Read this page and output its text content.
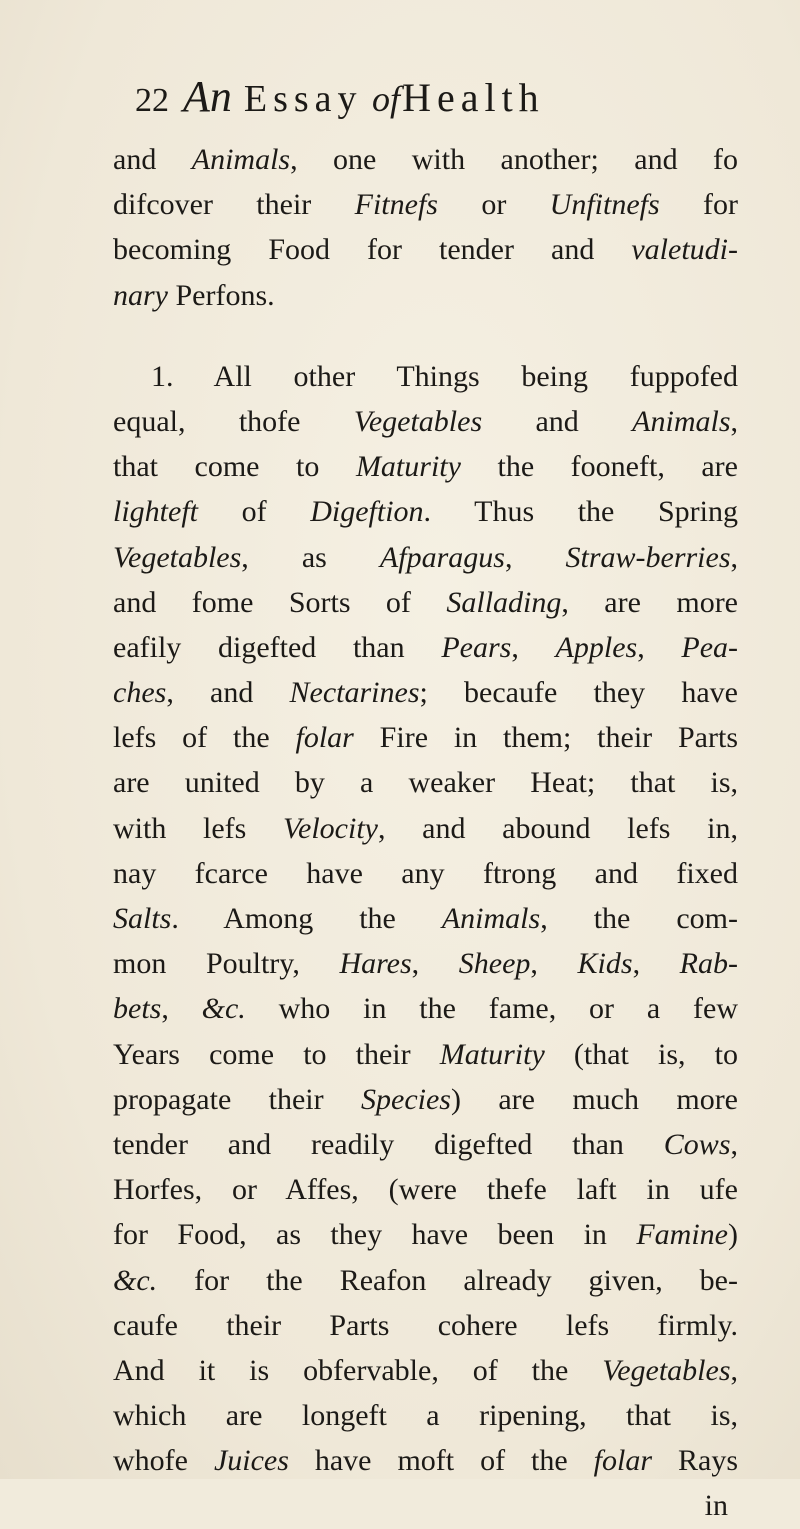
22 An Essay ofHealth
and Animals, one with another; and fo
difcover their Fitnefs or Unfitnefs for
becoming Food for tender and valetudi-
nary Perfons.
1. All other Things being fuppofed
equal, thofe Vegetables and Animals,
that come to Maturity the fooneft, are
lighteft of Digeftion. Thus the Spring
Vegetables, as Afparagus, Straw-berries,
and fome Sorts of Sallading, are more
eafily digefted than Pears, Apples, Pea-
ches, and Nectarines; becaufe they have
lefs of the folar Fire in them; their Parts
are united by a weaker Heat; that is,
with lefs Velocity, and abound lefs in,
nay fcarce have any ftrong and fixed
Salts. Among the Animals, the com-
mon Poultry, Hares, Sheep, Kids, Rab-
bets, &c. who in the fame, or a few
Years come to their Maturity (that is, to
propagate their Species) are much more
tender and readily digefted than Cows,
Horfes, or Affes, (were thefe laft in ufe
for Food, as they have been in Famine)
&c. for the Reafon already given, be-
caufe their Parts cohere lefs firmly.
And it is obfervable, of the Vegetables,
which are longeft a ripening, that is,
whofe Juices have moft of the folar Rays
in
